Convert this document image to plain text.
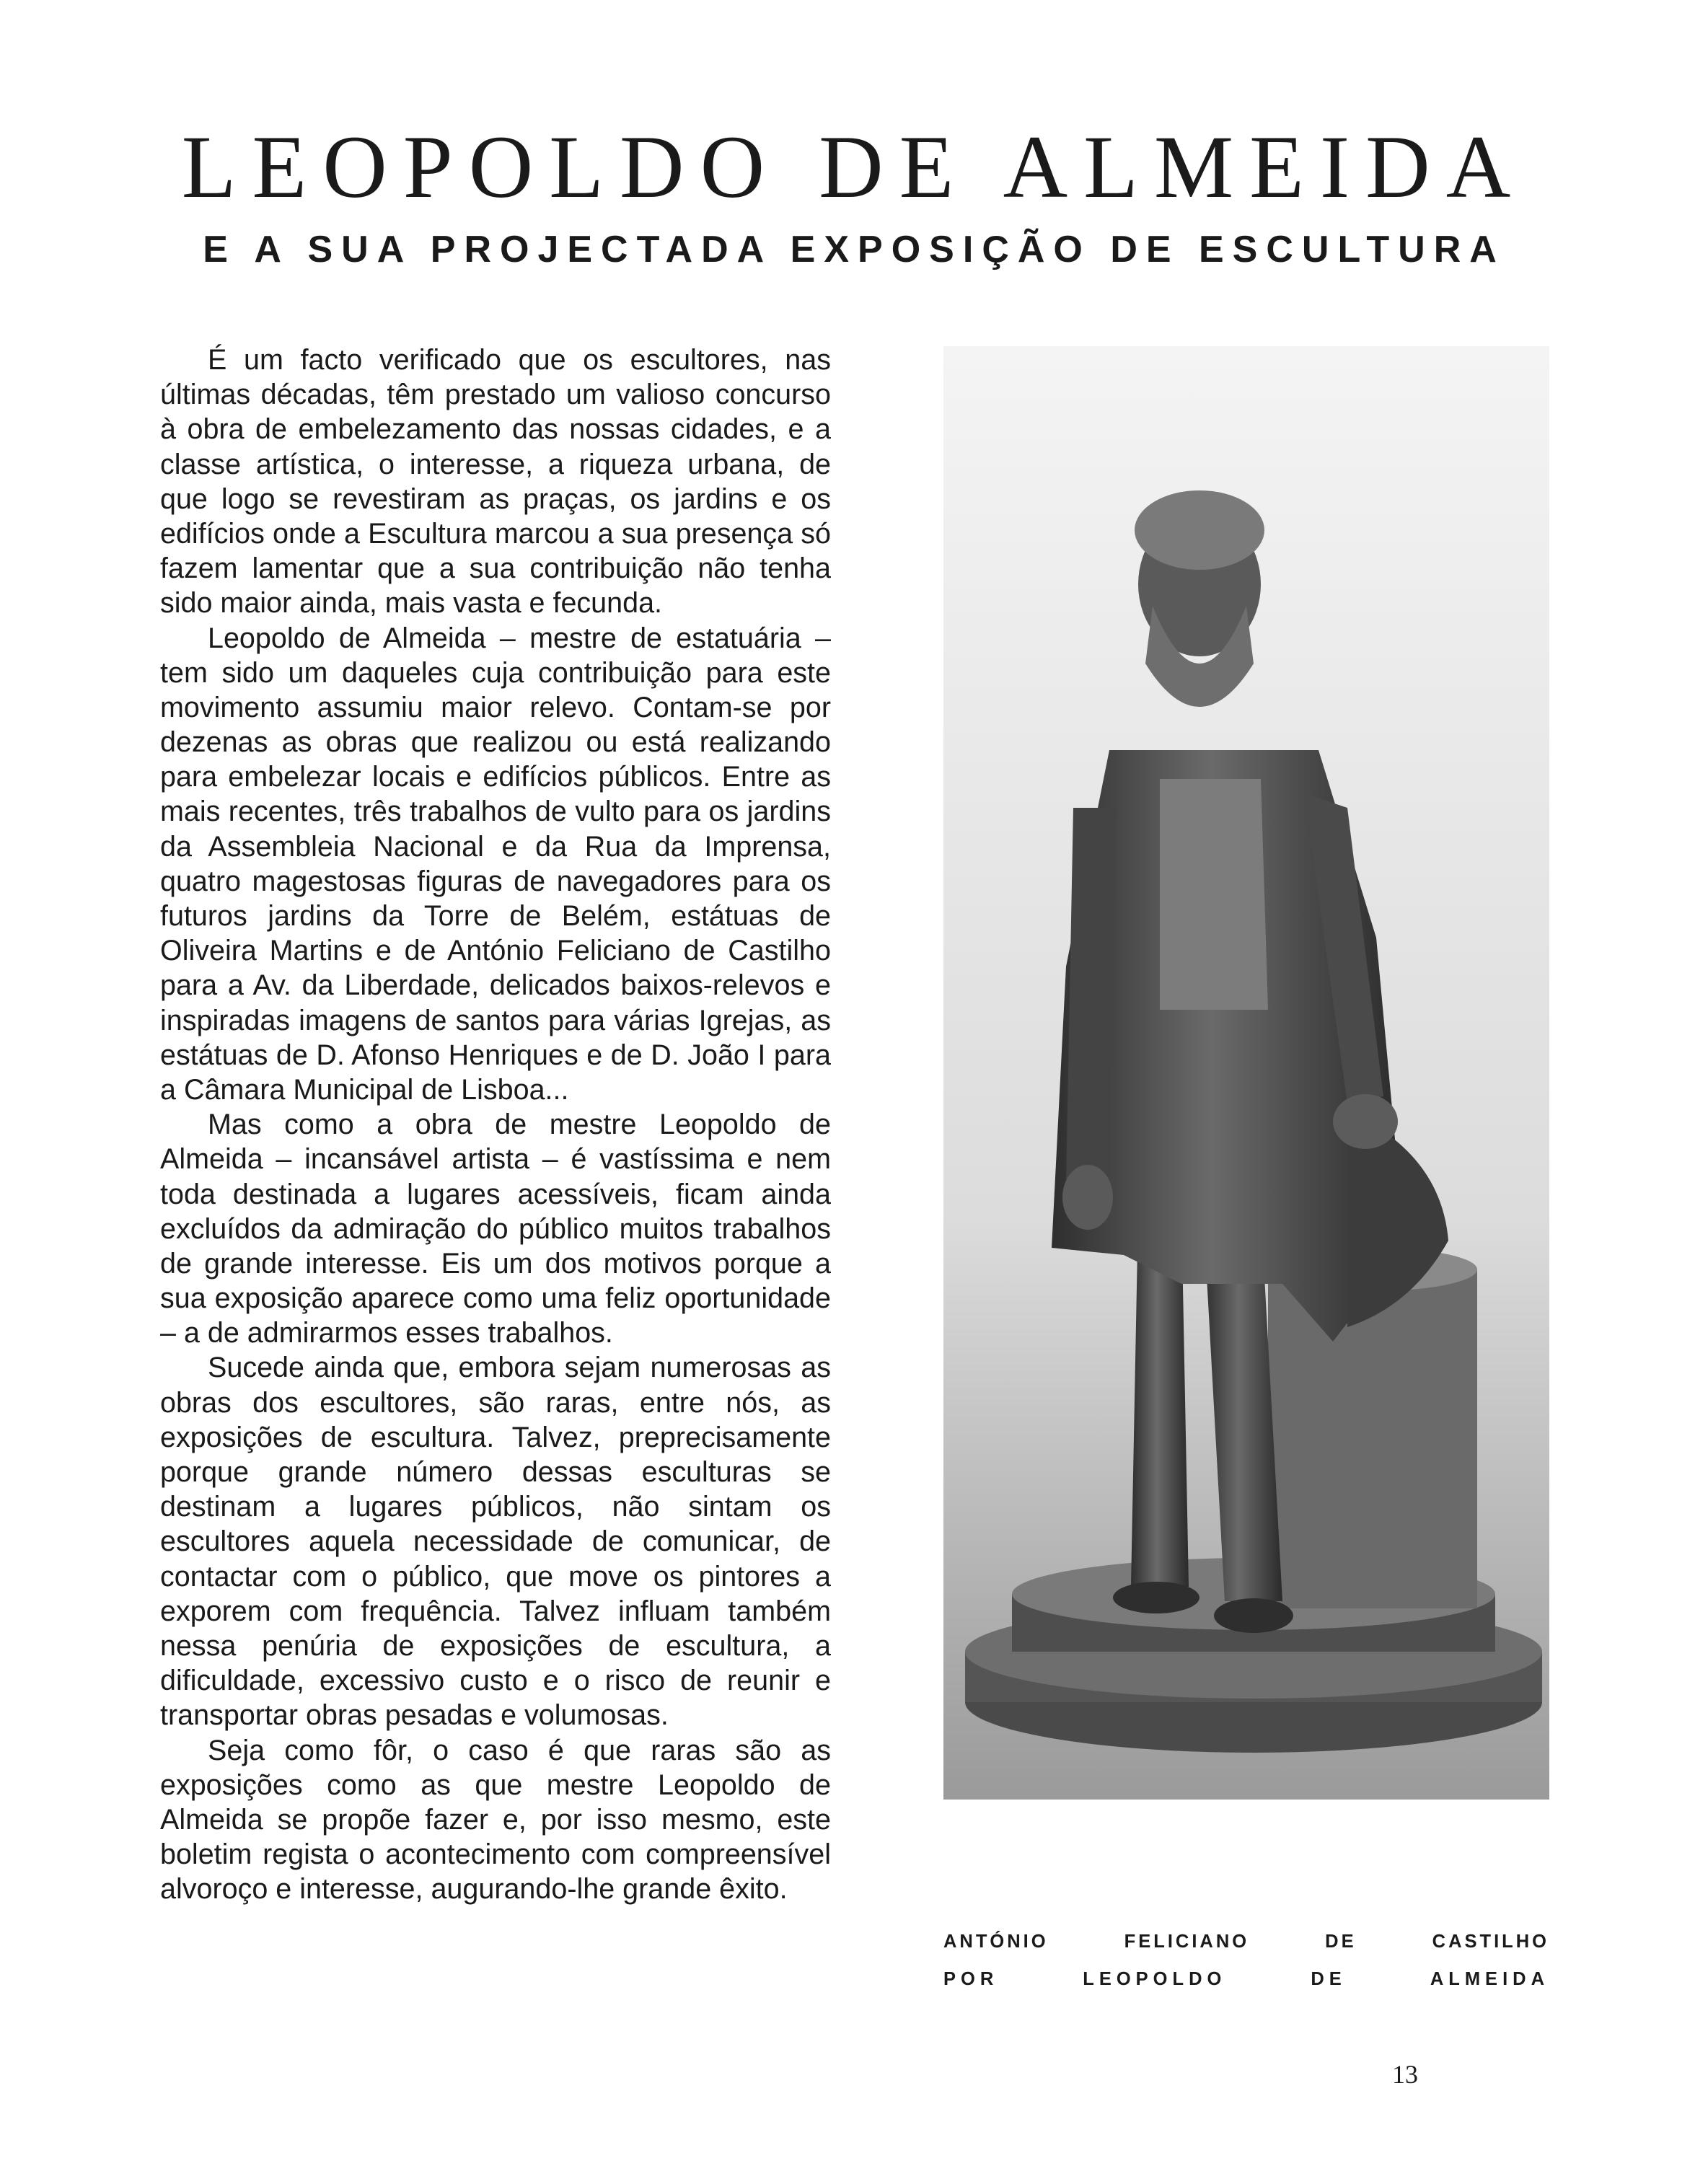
LEOPOLDO DE ALMEIDA
E A SUA PROJECTADA EXPOSIÇÃO DE ESCULTURA

É um facto verificado que os escultores, nas últimas décadas, têm prestado um valioso concurso à obra de embelezamento das nossas cidades, e a classe artística, o interesse, a riqueza urbana, de que logo se revestiram as praças, os jardins e os edifícios onde a Escultura marcou a sua presença só fazem lamentar que a sua contribuição não tenha sido maior ainda, mais vasta e fecunda.

Leopoldo de Almeida – mestre de estatuária – tem sido um daqueles cuja contribuição para este movimento assumiu maior relevo. Contam-se por dezenas as obras que realizou ou está realizando para embelezar locais e edifícios públicos. Entre as mais recentes, três trabalhos de vulto para os jardins da Assembleia Nacional e da Rua da Imprensa, quatro magestosas figuras de navegadores para os futuros jardins da Torre de Belém, estátuas de Oliveira Martins e de António Feliciano de Castilho para a Av. da Liberdade, delicados baixos-relevos e inspiradas imagens de santos para várias Igrejas, as estátuas de D. Afonso Henriques e de D. João I para a Câmara Municipal de Lisboa...

Mas como a obra de mestre Leopoldo de Almeida – incansável artista – é vastíssima e nem toda destinada a lugares acessíveis, ficam ainda excluídos da admiração do público muitos trabalhos de grande interesse. Eis um dos motivos porque a sua exposição aparece como uma feliz oportunidade – a de admirarmos esses trabalhos.

Sucede ainda que, embora sejam numerosas as obras dos escultores, são raras, entre nós, as exposições de escultura. Talvez, preprecisamente porque grande número dessas esculturas se destinam a lugares públicos, não sintam os escultores aquela necessidade de comunicar, de contactar com o público, que move os pintores a exporem com frequência. Talvez influam também nessa penúria de exposições de escultura, a dificuldade, excessivo custo e o risco de reunir e transportar obras pesadas e volumosas.

Seja como fôr, o caso é que raras são as exposições como as que mestre Leopoldo de Almeida se propõe fazer e, por isso mesmo, este boletim regista o acontecimento com compreensível alvoroço e interesse, augurando-lhe grande êxito.

ANTÓNIO FELICIANO DE CASTILHO
POR LEOPOLDO DE ALMEIDA
13
